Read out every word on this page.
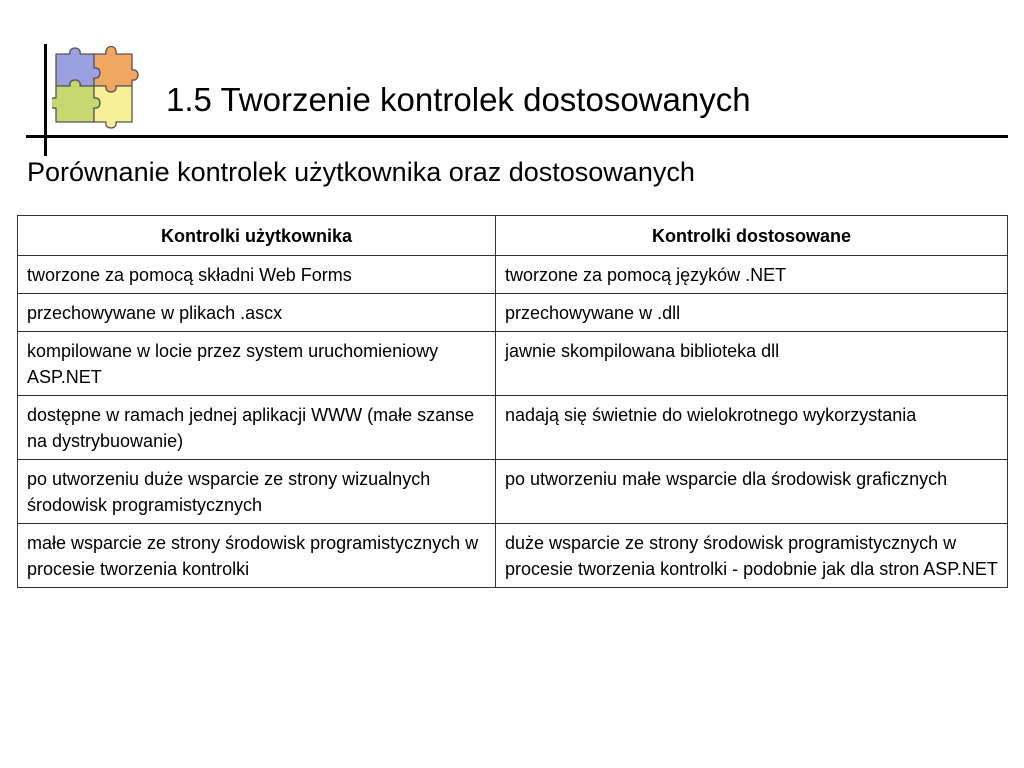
1.5 Tworzenie kontrolek dostosowanych
Porównanie kontrolek użytkownika oraz dostosowanych
Kontrolki użytkownika	Kontrolki dostosowane
tworzone za pomocą składni Web Forms	tworzone za pomocą języków .NET
przechowywane w plikach .ascx	przechowywane w .dll
kompilowane w locie przez system uruchomieniowy ASP.NET	jawnie skompilowana biblioteka dll
dostępne w ramach jednej aplikacji WWW (małe szanse na dystrybuowanie)	nadają się świetnie do wielokrotnego wykorzystania
po utworzeniu duże wsparcie ze strony wizualnych środowisk programistycznych	po utworzeniu małe wsparcie dla środowisk graficznych
małe wsparcie ze strony środowisk programistycznych w procesie tworzenia kontrolki	duże wsparcie ze strony środowisk programistycznych w procesie tworzenia kontrolki - podobnie jak dla stron ASP.NET
